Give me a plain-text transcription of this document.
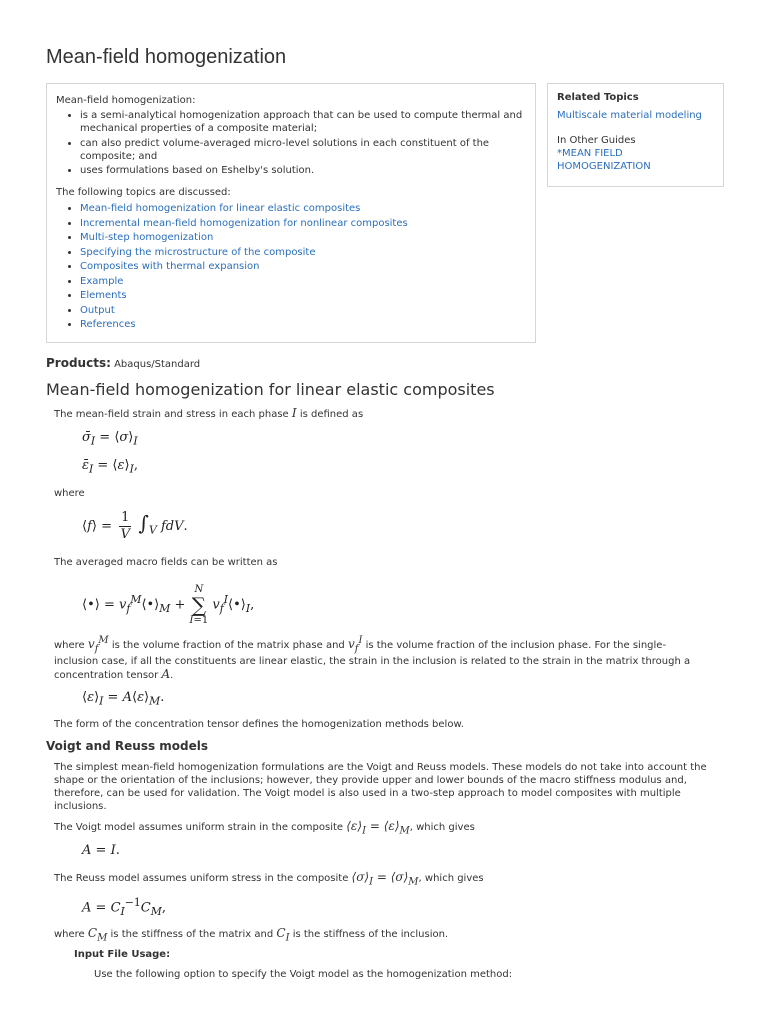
Mean-field homogenization

Mean-field homogenization:

• is a semi-analytical homogenization approach that can be used to compute thermal and mechanical properties of a composite material;
• can also predict volume-averaged micro-level solutions in each constituent of the composite; and
• uses formulations based on Eshelby's solution.

The following topics are discussed:

• Mean-field homogenization for linear elastic composites
• Incremental mean-field homogenization for nonlinear composites
• Multi-step homogenization
• Specifying the microstructure of the composite
• Composites with thermal expansion
• Example
• Elements
• Output
• References
Related Topics
Multiscale material modeling
In Other Guides
*MEAN FIELD HOMOGENIZATION
Products: Abaqus/Standard
Mean-field homogenization for linear elastic composites
The mean-field strain and stress in each phase I is defined as
$\sigmā_I$ = $⟨\sigma⟩_I$
$\varepsilon̄_I$ = $⟨\varepsilon⟩_I$,
where
⟨f⟩ = $\frac{1}{V} \int_V$ fdV.
The averaged macro fields can be written as
⟨•⟩ = $v_f^M⟨•⟩_M$ +
N
∑
I=1
$v_f^I⟨•⟩_I$,
where $v_f^M$ is the volume fraction of the matrix phase and $v_f^I$ is the volume fraction of the inclusion phase. For the single-
inclusion case, if all the constituents are linear elastic, the strain in the inclusion is related to the strain in the matrix through a
concentration tensor A.
$⟨\varepsilon⟩_I$ = $A⟨\varepsilon⟩_M$.
The form of the concentration tensor defines the homogenization methods below.
Voigt and Reuss models
The simplest mean-field homogenization formulations are the Voigt and Reuss models. These models do not take into account the shape or the orientation of the inclusions; however, they provide upper and lower bounds of the macro stiffness modulus and, therefore, can be used for validation. The Voigt model is also used in a two-step approach to model composites with multiple inclusions.
The Voigt model assumes uniform strain in the composite $⟨\varepsilon⟩_I$ = $⟨\varepsilon⟩_M$, which gives
A = I.
The Reuss model assumes uniform stress in the composite $⟨\sigma⟩_I$ = $⟨\sigma⟩_M$, which gives
$A = C_I^{-1}C_M$,
where $C_M$ is the stiffness of the matrix and $C_I$ is the stiffness of the inclusion.
Input File Usage:
Use the following option to specify the Voigt model as the homogenization method:
